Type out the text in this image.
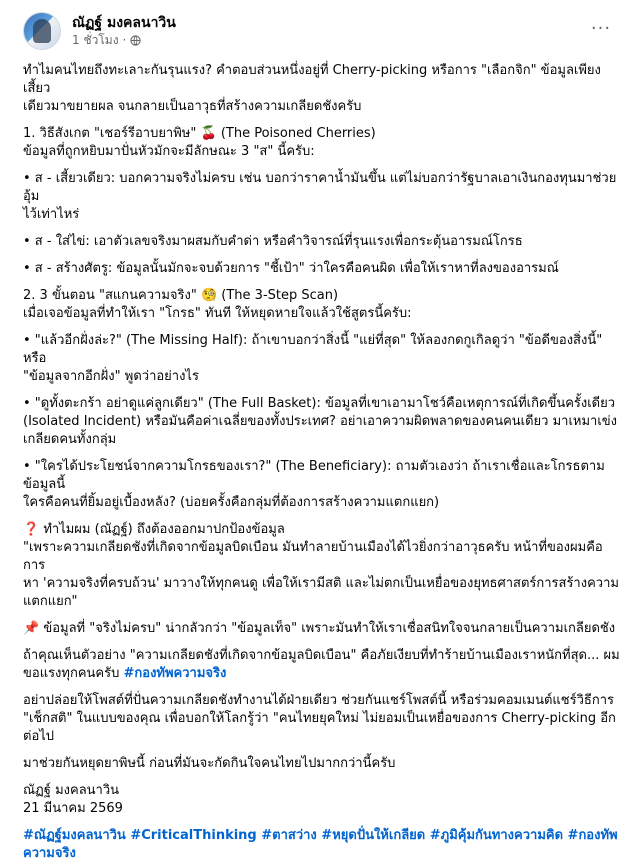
ณัฏฐ์ มงคลนาวิน
1 ชั่วโมง ·
···

ทำไมคนไทยถึงทะเลาะกันรุนแรง? คำตอบส่วนหนึ่งอยู่ที่ Cherry-picking หรือการ "เลือกจิก" ข้อมูลเพียงเสี้ยว
เดียวมาขยายผล จนกลายเป็นอาวุธที่สร้างความเกลียดชังครับ

1. วิธีสังเกต "เชอร์รีอาบยาพิษ" 🍒 (The Poisoned Cherries)
ข้อมูลที่ถูกหยิบมาปั่นหัวมักจะมีลักษณะ 3 "ส" นี้ครับ:

• ส - เสี้ยวเดียว: บอกความจริงไม่ครบ เช่น บอกว่าราคาน้ำมันขึ้น แต่ไม่บอกว่ารัฐบาลเอาเงินกองทุนมาช่วยอุ้ม
ไว้เท่าไหร่

• ส - ใส่ไข่: เอาตัวเลขจริงมาผสมกับคำด่า หรือคำวิจารณ์ที่รุนแรงเพื่อกระตุ้นอารมณ์โกรธ

• ส - สร้างศัตรู: ข้อมูลนั้นมักจะจบด้วยการ "ชี้เป้า" ว่าใครคือคนผิด เพื่อให้เราหาที่ลงของอารมณ์

2. 3 ขั้นตอน "สแกนความจริง" 🧐 (The 3-Step Scan)
เมื่อเจอข้อมูลที่ทำให้เรา "โกรธ" ทันที ให้หยุดหายใจแล้วใช้สูตรนี้ครับ:

• "แล้วอีกฝั่งล่ะ?" (The Missing Half): ถ้าเขาบอกว่าสิ่งนี้ "แย่ที่สุด" ให้ลองกดกูเกิลดูว่า "ข้อดีของสิ่งนี้" หรือ
"ข้อมูลจากอีกฝั่ง" พูดว่าอย่างไร

• "ดูทั้งตะกร้า อย่าดูแค่ลูกเดียว" (The Full Basket): ข้อมูลที่เขาเอามาโชว์คือเหตุการณ์ที่เกิดขึ้นครั้งเดียว
(Isolated Incident) หรือมันคือค่าเฉลี่ยของทั้งประเทศ? อย่าเอาความผิดพลาดของคนคนเดียว มาเหมาเข่ง
เกลียดคนทั้งกลุ่ม

• "ใครได้ประโยชน์จากความโกรธของเรา?" (The Beneficiary): ถามตัวเองว่า ถ้าเราเชื่อและโกรธตามข้อมูลนี้
ใครคือคนที่ยิ้มอยู่เบื้องหลัง? (บ่อยครั้งคือกลุ่มที่ต้องการสร้างความแตกแยก)

❓ ทำไมผม (ณัฏฐ์) ถึงต้องออกมาปกป้องข้อมูล
"เพราะความเกลียดชังที่เกิดจากข้อมูลบิดเบือน มันทำลายบ้านเมืองได้ไวยิ่งกว่าอาวุธครับ หน้าที่ของผมคือการ
หา 'ความจริงที่ครบถ้วน' มาวางให้ทุกคนดู เพื่อให้เรามีสติ และไม่ตกเป็นเหยื่อของยุทธศาสตร์การสร้างความ
แตกแยก"

📌 ข้อมูลที่ "จริงไม่ครบ" น่ากลัวกว่า "ข้อมูลเท็จ" เพราะมันทำให้เราเชื่อสนิทใจจนกลายเป็นความเกลียดชัง

ถ้าคุณเห็นตัวอย่าง "ความเกลียดชังที่เกิดจากข้อมูลบิดเบือน" คือภัยเงียบที่ทำร้ายบ้านเมืองเราหนักที่สุด... ผม
ขอแรงทุกคนครับ #กองทัพความจริง

อย่าปล่อยให้โพสต์ที่ปั่นความเกลียดชังทำงานได้ฝ่ายเดียว ช่วยกันแชร์โพสต์นี้ หรือร่วมคอมเมนต์แชร์วิธีการ
"เช็กสติ" ในแบบของคุณ เพื่อบอกให้โลกรู้ว่า "คนไทยยุคใหม่ ไม่ยอมเป็นเหยื่อของการ Cherry-picking อีก
ต่อไป

มาช่วยกันหยุดยาพิษนี้ ก่อนที่มันจะกัดกินใจคนไทยไปมากกว่านี้ครับ

ณัฏฐ์ มงคลนาวิน
21 มีนาคม 2569

#ณัฏฐ์มงคลนาวิน #CriticalThinking #ตาสว่าง #หยุดปั่นให้เกลียด #ภูมิคุ้มกันทางความคิด #กองทัพ
ความจริง
